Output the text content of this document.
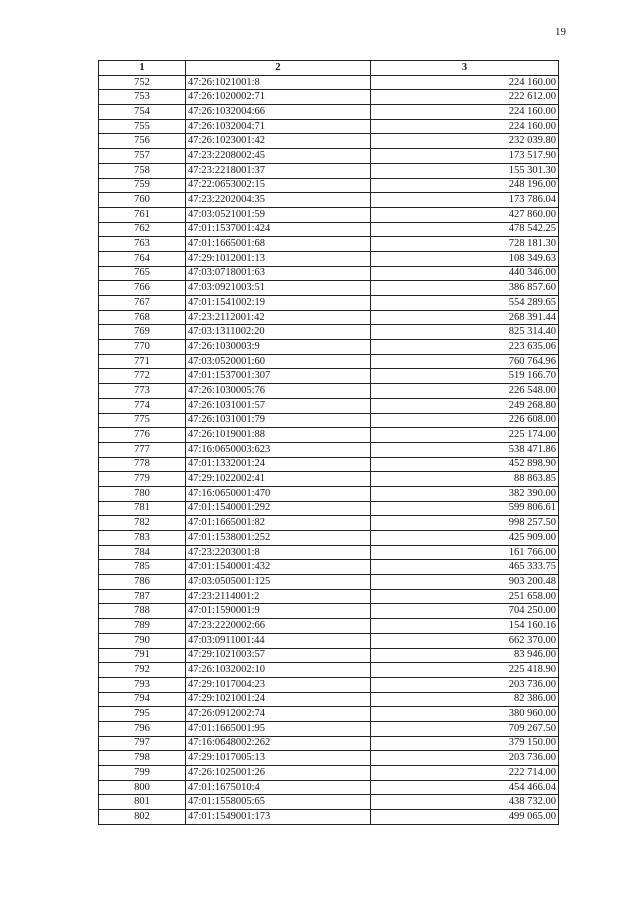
19
1	2	3
752	47:26:1021001:8	224 160.00
753	47:26:1020002:71	222 612.00
754	47:26:1032004:66	224 160.00
755	47:26:1032004:71	224 160.00
756	47:26:1023001:42	232 039.80
757	47:23:2208002:45	173 517.90
758	47:23:2218001:37	155 301.30
759	47:22:0653002:15	248 196.00
760	47:23:2202004:35	173 786.04
761	47:03:0521001:59	427 860.00
762	47:01:1537001:424	478 542.25
763	47:01:1665001:68	728 181.30
764	47:29:1012001:13	108 349.63
765	47:03:0718001:63	440 346.00
766	47:03:0921003:51	386 857.60
767	47:01:1541002:19	554 289.65
768	47:23:2112001:42	268 391.44
769	47:03:1311002:20	825 314.40
770	47:26:1030003:9	223 635.06
771	47:03:0520001:60	760 764.96
772	47:01:1537001:307	519 166.70
773	47:26:1030005:76	226 548.00
774	47:26:1031001:57	249 268.80
775	47:26:1031001:79	226 608.00
776	47:26:1019001:88	225 174.00
777	47:16:0650003:623	538 471.86
778	47:01:1332001:24	452 898.90
779	47:29:1022002:41	88 863.85
780	47:16:0650001:470	382 390.00
781	47:01:1540001:292	599 806.61
782	47:01:1665001:82	998 257.50
783	47:01:1538001:252	425 909.00
784	47:23:2203001:8	161 766.00
785	47:01:1540001:432	465 333.75
786	47:03:0505001:125	903 200.48
787	47:23:2114001:2	251 658.00
788	47:01:1590001:9	704 250.00
789	47:23:2220002:66	154 160.16
790	47:03:0911001:44	662 370.00
791	47:29:1021003:57	83 946.00
792	47:26:1032002:10	225 418.90
793	47:29:1017004:23	203 736.00
794	47:29:1021001:24	82 386.00
795	47:26:0912002:74	380 960.00
796	47:01:1665001:95	709 267.50
797	47:16:0648002:262	379 150.00
798	47:29:1017005:13	203 736.00
799	47:26:1025001:26	222 714.00
800	47:01:1675010:4	454 466.04
801	47:01:1558005:65	438 732.00
802	47:01:1549001:173	499 065.00
